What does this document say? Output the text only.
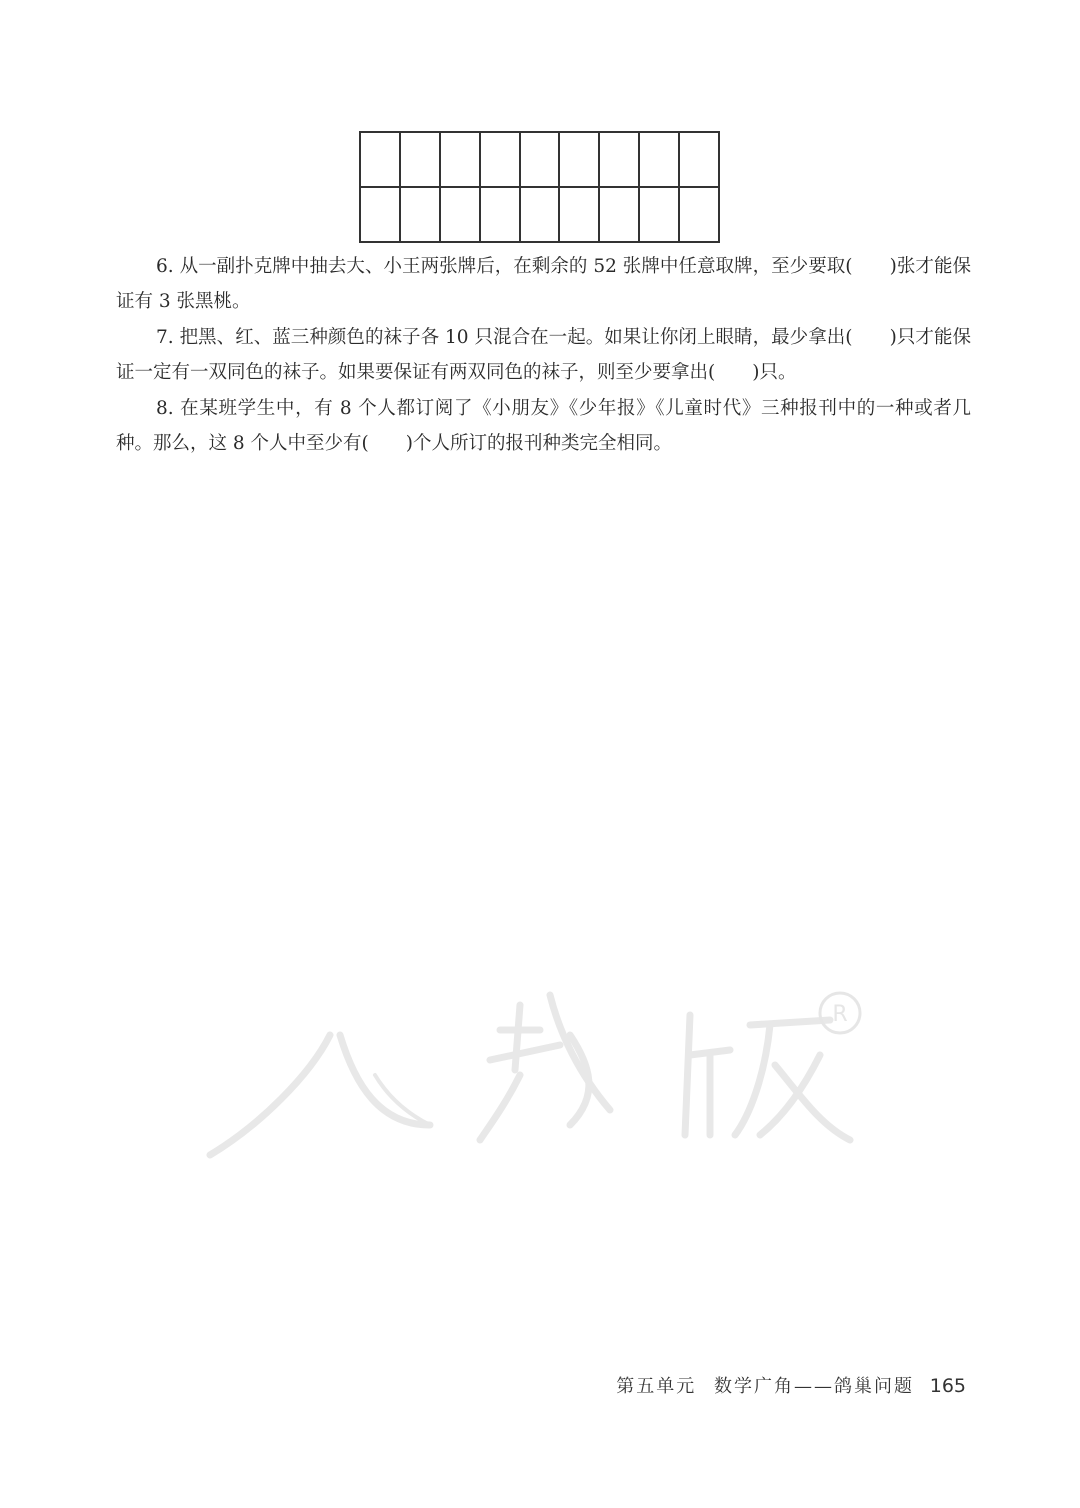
6. 从一副扑克牌中抽去大、小王两张牌后，在剩余的 52 张牌中任意取牌，至少要取(　　)张才能保证有 3 张黑桃。

7. 把黑、红、蓝三种颜色的袜子各 10 只混合在一起。如果让你闭上眼睛，最少拿出(　　)只才能保证一定有一双同色的袜子。如果要保证有两双同色的袜子，则至少要拿出(　　)只。

8. 在某班学生中，有 8 个人都订阅了《小朋友》《少年报》《儿童时代》三种报刊中的一种或者几种。那么，这 8 个人中至少有(　　)个人所订的报刊种类完全相同。

R
第五单元 数学广角——鸽巢问题 165
